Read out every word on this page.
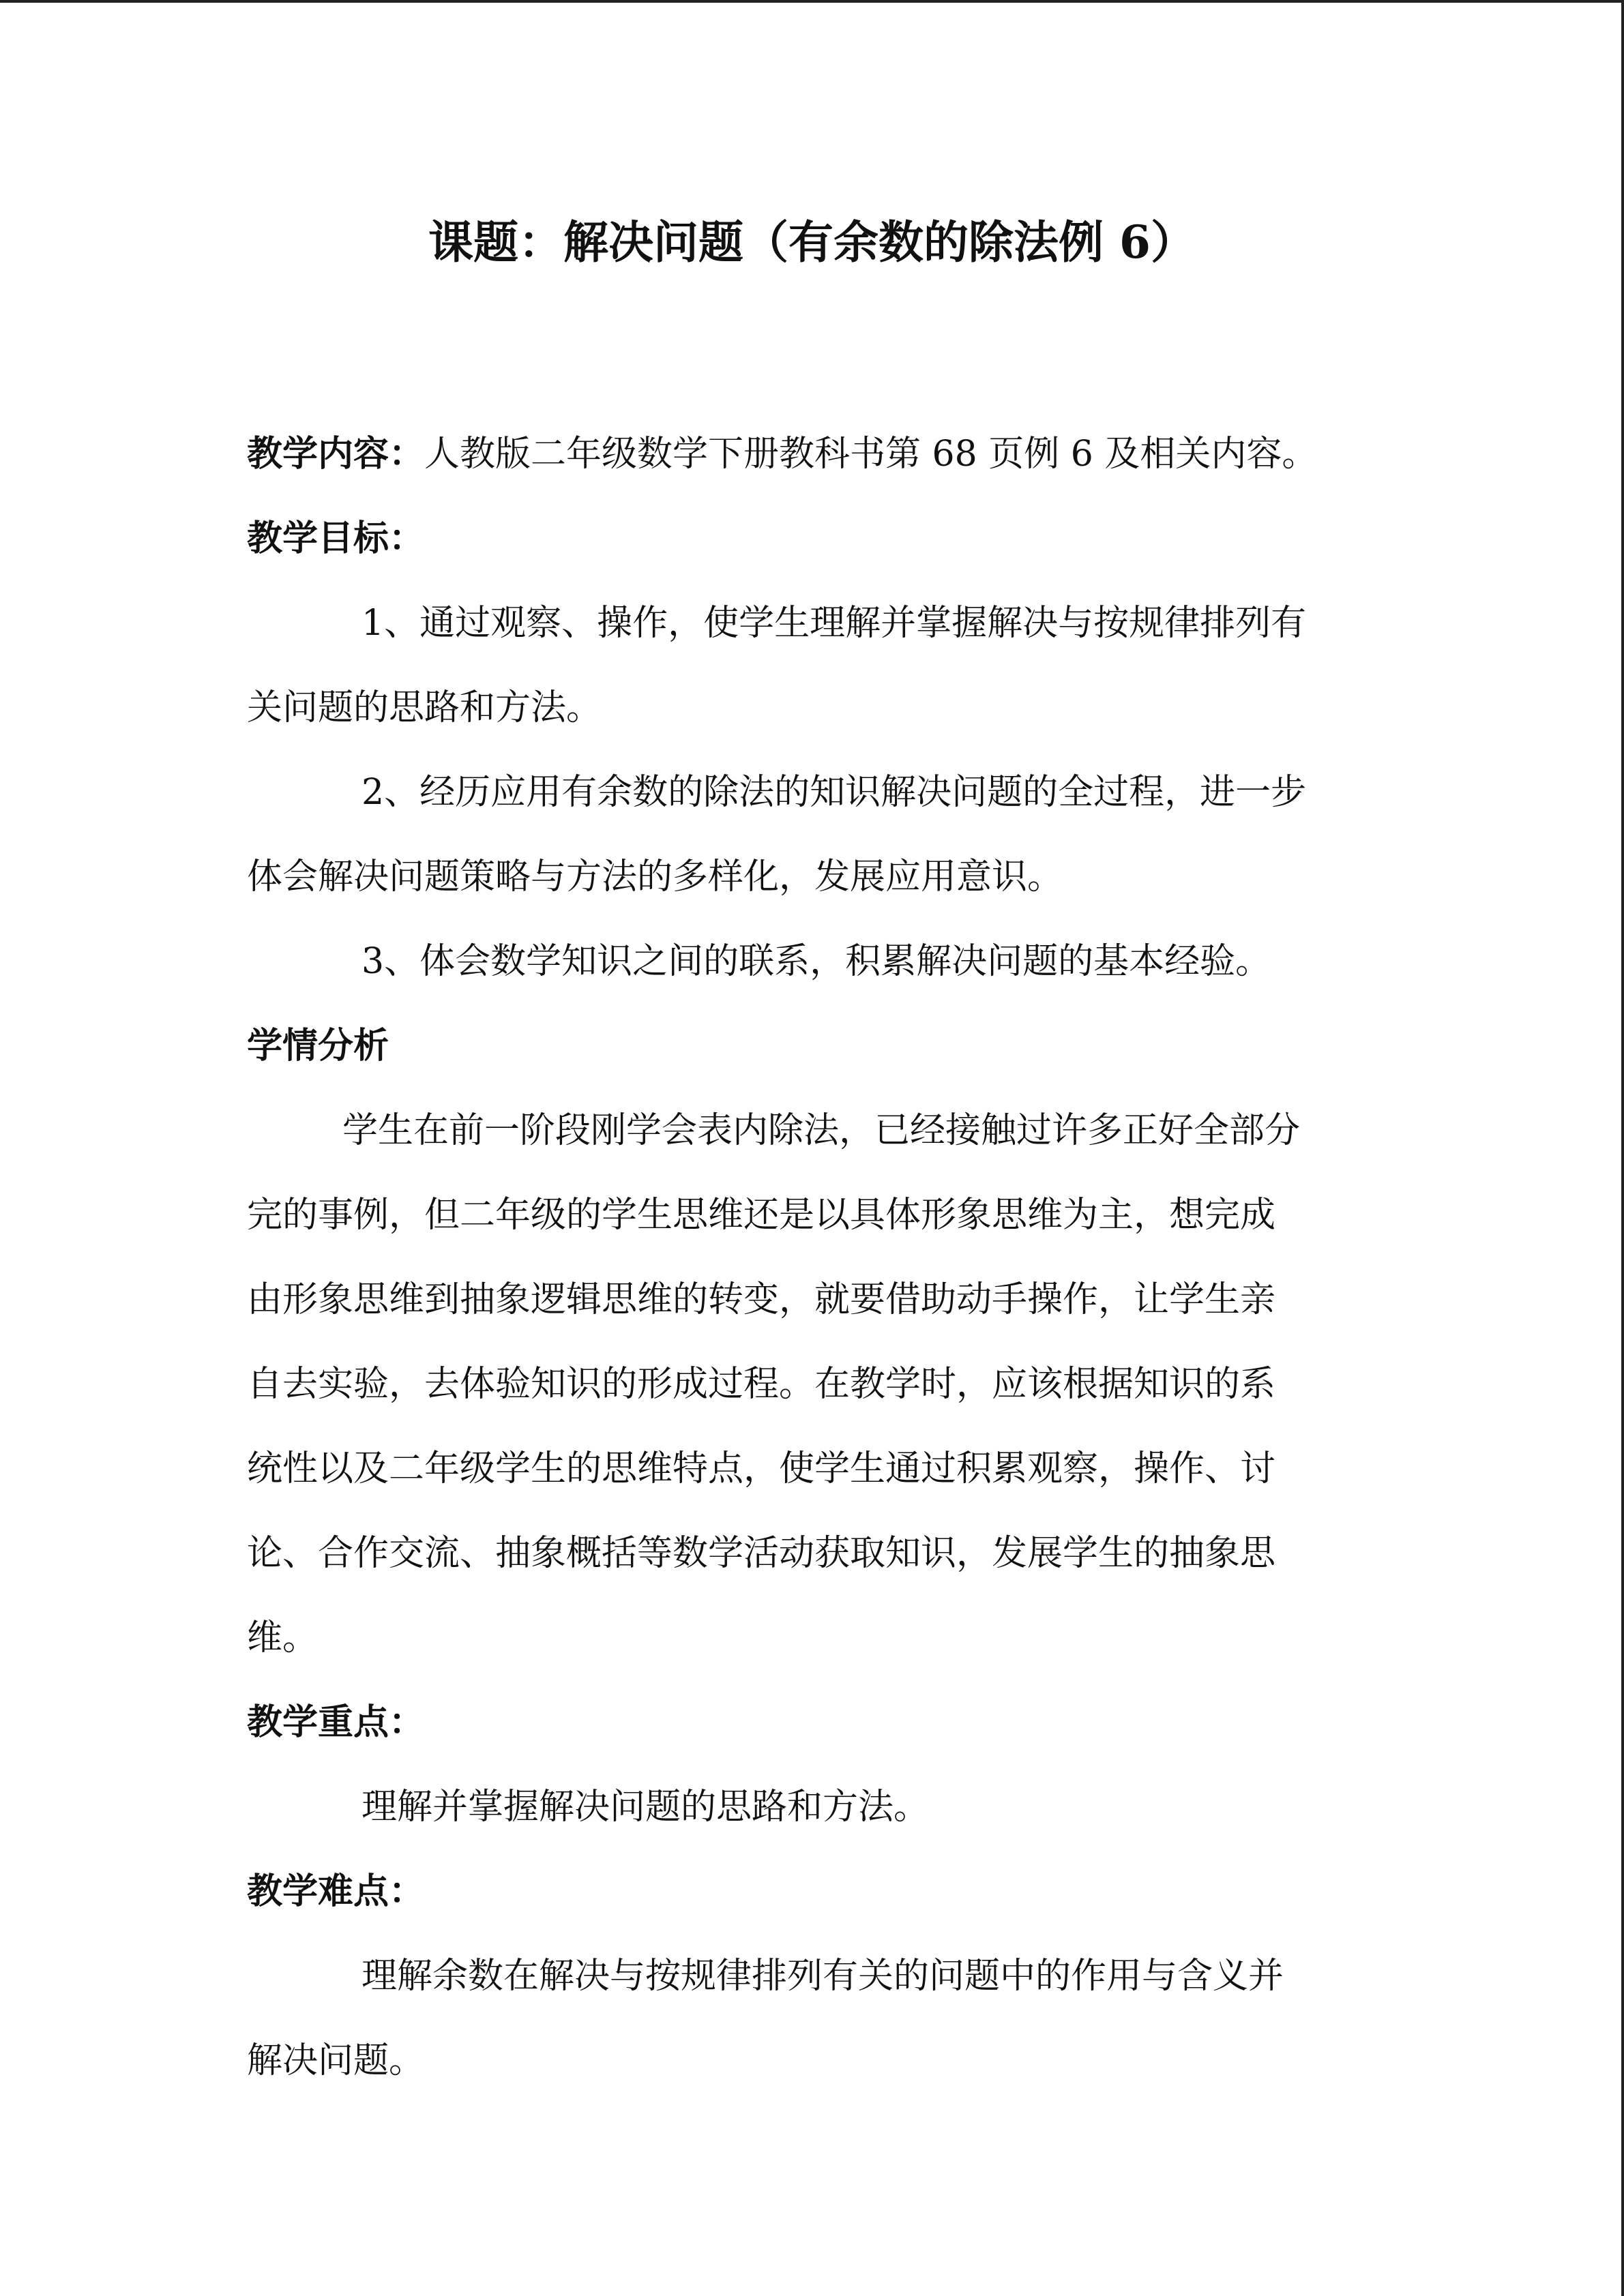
课题：解决问题（有余数的除法例 6）
教学内容：人教版二年级数学下册教科书第 68 页例 6 及相关内容。
教学目标：
1、通过观察、操作，使学生理解并掌握解决与按规律排列有
关问题的思路和方法。
2、经历应用有余数的除法的知识解决问题的全过程，进一步
体会解决问题策略与方法的多样化，发展应用意识。
3、体会数学知识之间的联系，积累解决问题的基本经验。
学情分析
学生在前一阶段刚学会表内除法，已经接触过许多正好全部分
完的事例，但二年级的学生思维还是以具体形象思维为主，想完成
由形象思维到抽象逻辑思维的转变，就要借助动手操作，让学生亲
自去实验，去体验知识的形成过程。在教学时，应该根据知识的系
统性以及二年级学生的思维特点，使学生通过积累观察，操作、讨
论、合作交流、抽象概括等数学活动获取知识，发展学生的抽象思
维。
教学重点：
理解并掌握解决问题的思路和方法。
教学难点：
理解余数在解决与按规律排列有关的问题中的作用与含义并
解决问题。
